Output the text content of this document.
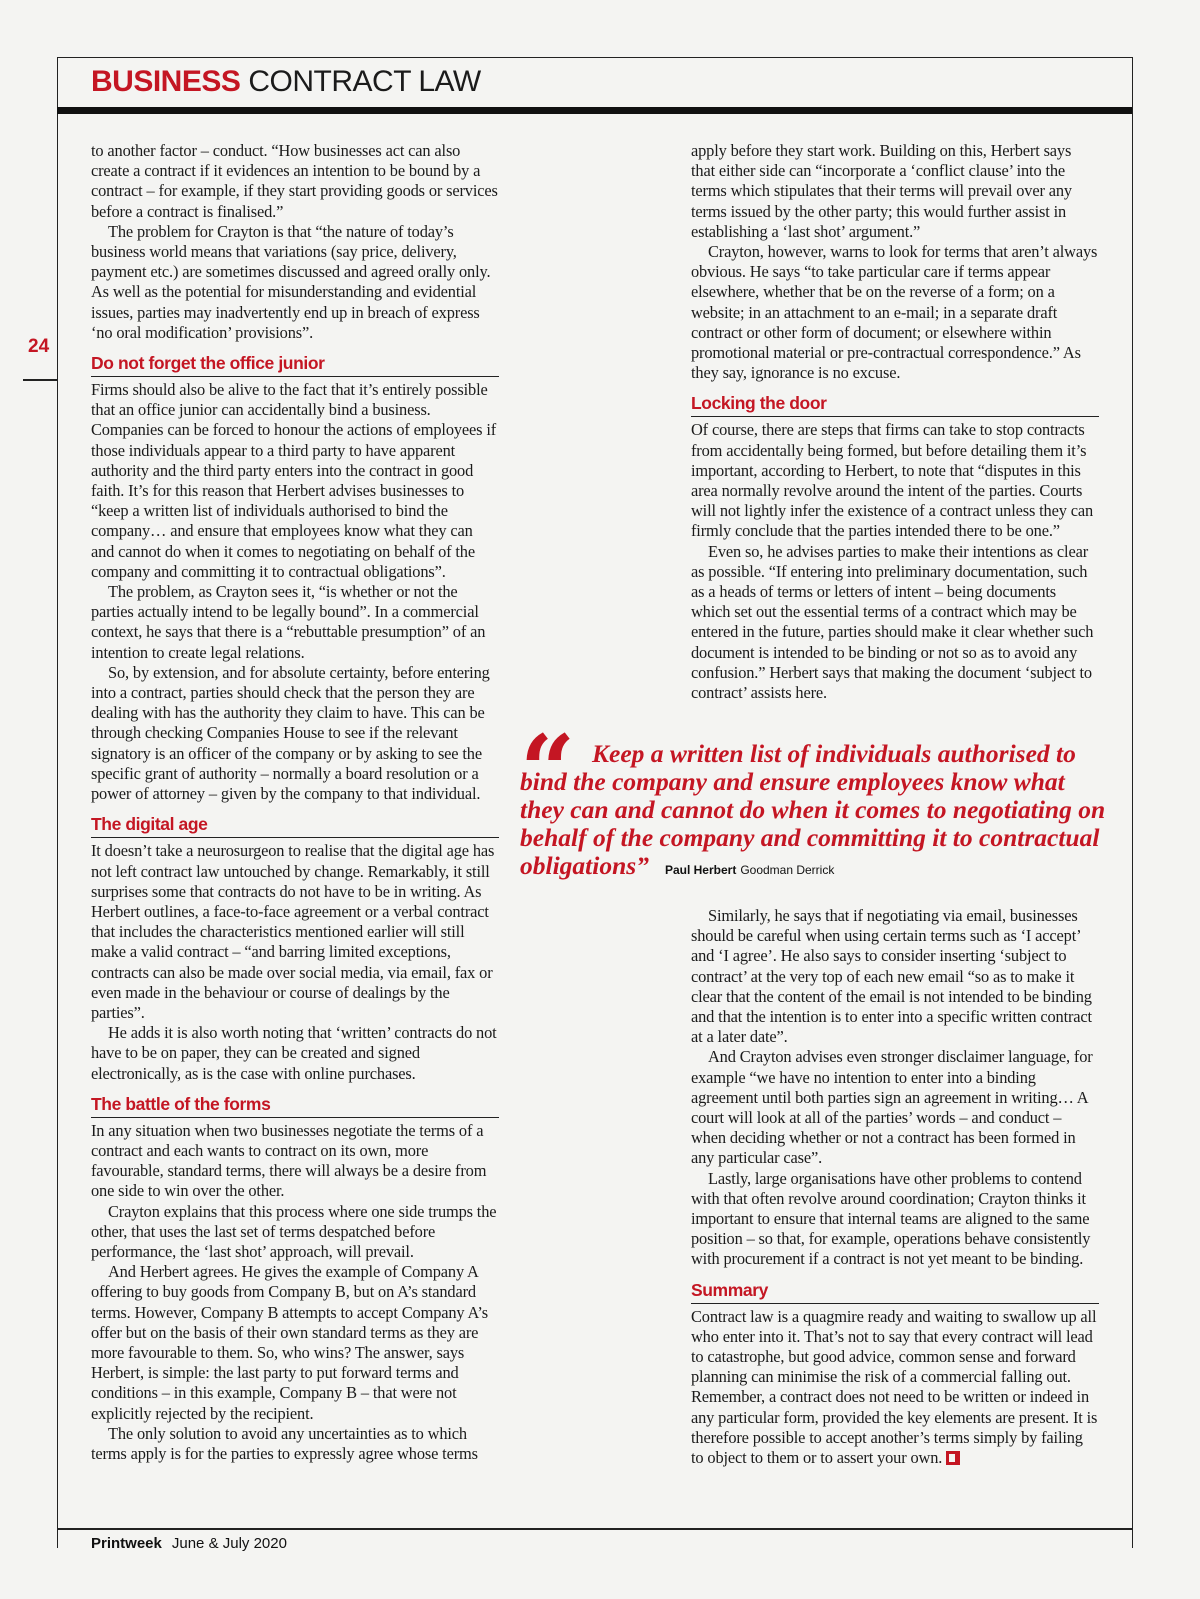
BUSINESS CONTRACT LAW
24

to another factor – conduct. “How businesses act can also create a contract if it evidences an intention to be bound by a contract – for example, if they start providing goods or services before a contract is finalised.”

The problem for Crayton is that “the nature of today’s business world means that variations (say price, delivery, payment etc.) are sometimes discussed and agreed orally only. As well as the potential for misunderstanding and evidential issues, parties may inadvertently end up in breach of express ‘no oral modification’ provisions”.

Do not forget the office junior

Firms should also be alive to the fact that it’s entirely possible that an office junior can accidentally bind a business. Companies can be forced to honour the actions of employees if those individuals appear to a third party to have apparent authority and the third party enters into the contract in good faith. It’s for this reason that Herbert advises businesses to “keep a written list of individuals authorised to bind the company… and ensure that employees know what they can and cannot do when it comes to negotiating on behalf of the company and committing it to contractual obligations”.

The problem, as Crayton sees it, “is whether or not the parties actually intend to be legally bound”. In a commercial context, he says that there is a “rebuttable presumption” of an intention to create legal relations.

So, by extension, and for absolute certainty, before entering into a contract, parties should check that the person they are dealing with has the authority they claim to have. This can be through checking Companies House to see if the relevant signatory is an officer of the company or by asking to see the specific grant of authority – normally a board resolution or a power of attorney – given by the company to that individual.

The digital age

It doesn’t take a neurosurgeon to realise that the digital age has not left contract law untouched by change. Remarkably, it still surprises some that contracts do not have to be in writing. As Herbert outlines, a face-to-face agreement or a verbal contract that includes the characteristics mentioned earlier will still make a valid contract – “and barring limited exceptions, contracts can also be made over social media, via email, fax or even made in the behaviour or course of dealings by the parties”.

He adds it is also worth noting that ‘written’ contracts do not have to be on paper, they can be created and signed electronically, as is the case with online purchases.

The battle of the forms

In any situation when two businesses negotiate the terms of a contract and each wants to contract on its own, more favourable, standard terms, there will always be a desire from one side to win over the other.

Crayton explains that this process where one side trumps the other, that uses the last set of terms despatched before performance, the ‘last shot’ approach, will prevail.

And Herbert agrees. He gives the example of Company A offering to buy goods from Company B, but on A’s standard terms. However, Company B attempts to accept Company A’s offer but on the basis of their own standard terms as they are more favourable to them. So, who wins? The answer, says Herbert, is simple: the last party to put forward terms and conditions – in this example, Company B – that were not explicitly rejected by the recipient.

The only solution to avoid any uncertainties as to which terms apply is for the parties to expressly agree whose terms

apply before they start work. Building on this, Herbert says that either side can “incorporate a ‘conflict clause’ into the terms which stipulates that their terms will prevail over any terms issued by the other party; this would further assist in establishing a ‘last shot’ argument.”

Crayton, however, warns to look for terms that aren’t always obvious. He says “to take particular care if terms appear elsewhere, whether that be on the reverse of a form; on a website; in an attachment to an e-mail; in a separate draft contract or other form of document; or elsewhere within promotional material or pre-contractual correspondence.” As they say, ignorance is no excuse.

Locking the door

Of course, there are steps that firms can take to stop contracts from accidentally being formed, but before detailing them it’s important, according to Herbert, to note that “disputes in this area normally revolve around the intent of the parties. Courts will not lightly infer the existence of a contract unless they can firmly conclude that the parties intended there to be one.”

Even so, he advises parties to make their intentions as clear as possible. “If entering into preliminary documentation, such as a heads of terms or letters of intent – being documents which set out the essential terms of a contract which may be entered in the future, parties should make it clear whether such document is intended to be binding or not so as to avoid any confusion.” Herbert says that making the document ‘subject to contract’ assists here.

“ Keep a written list of individuals authorised to bind the company and ensure employees know what they can and cannot do when it comes to negotiating on behalf of the company and committing it to contractual obligations” Paul Herbert Goodman Derrick

Similarly, he says that if negotiating via email, businesses should be careful when using certain terms such as ‘I accept’ and ‘I agree’. He also says to consider inserting ‘subject to contract’ at the very top of each new email “so as to make it clear that the content of the email is not intended to be binding and that the intention is to enter into a specific written contract at a later date”.

And Crayton advises even stronger disclaimer language, for example “we have no intention to enter into a binding agreement until both parties sign an agreement in writing… A court will look at all of the parties’ words – and conduct – when deciding whether or not a contract has been formed in any particular case”.

Lastly, large organisations have other problems to contend with that often revolve around coordination; Crayton thinks it important to ensure that internal teams are aligned to the same position – so that, for example, operations behave consistently with procurement if a contract is not yet meant to be binding.

Summary

Contract law is a quagmire ready and waiting to swallow up all who enter into it. That’s not to say that every contract will lead to catastrophe, but good advice, common sense and forward planning can minimise the risk of a commercial falling out. Remember, a contract does not need to be written or indeed in any particular form, provided the key elements are present. It is therefore possible to accept another’s terms simply by failing to object to them or to assert your own.

Printweek June & July 2020
